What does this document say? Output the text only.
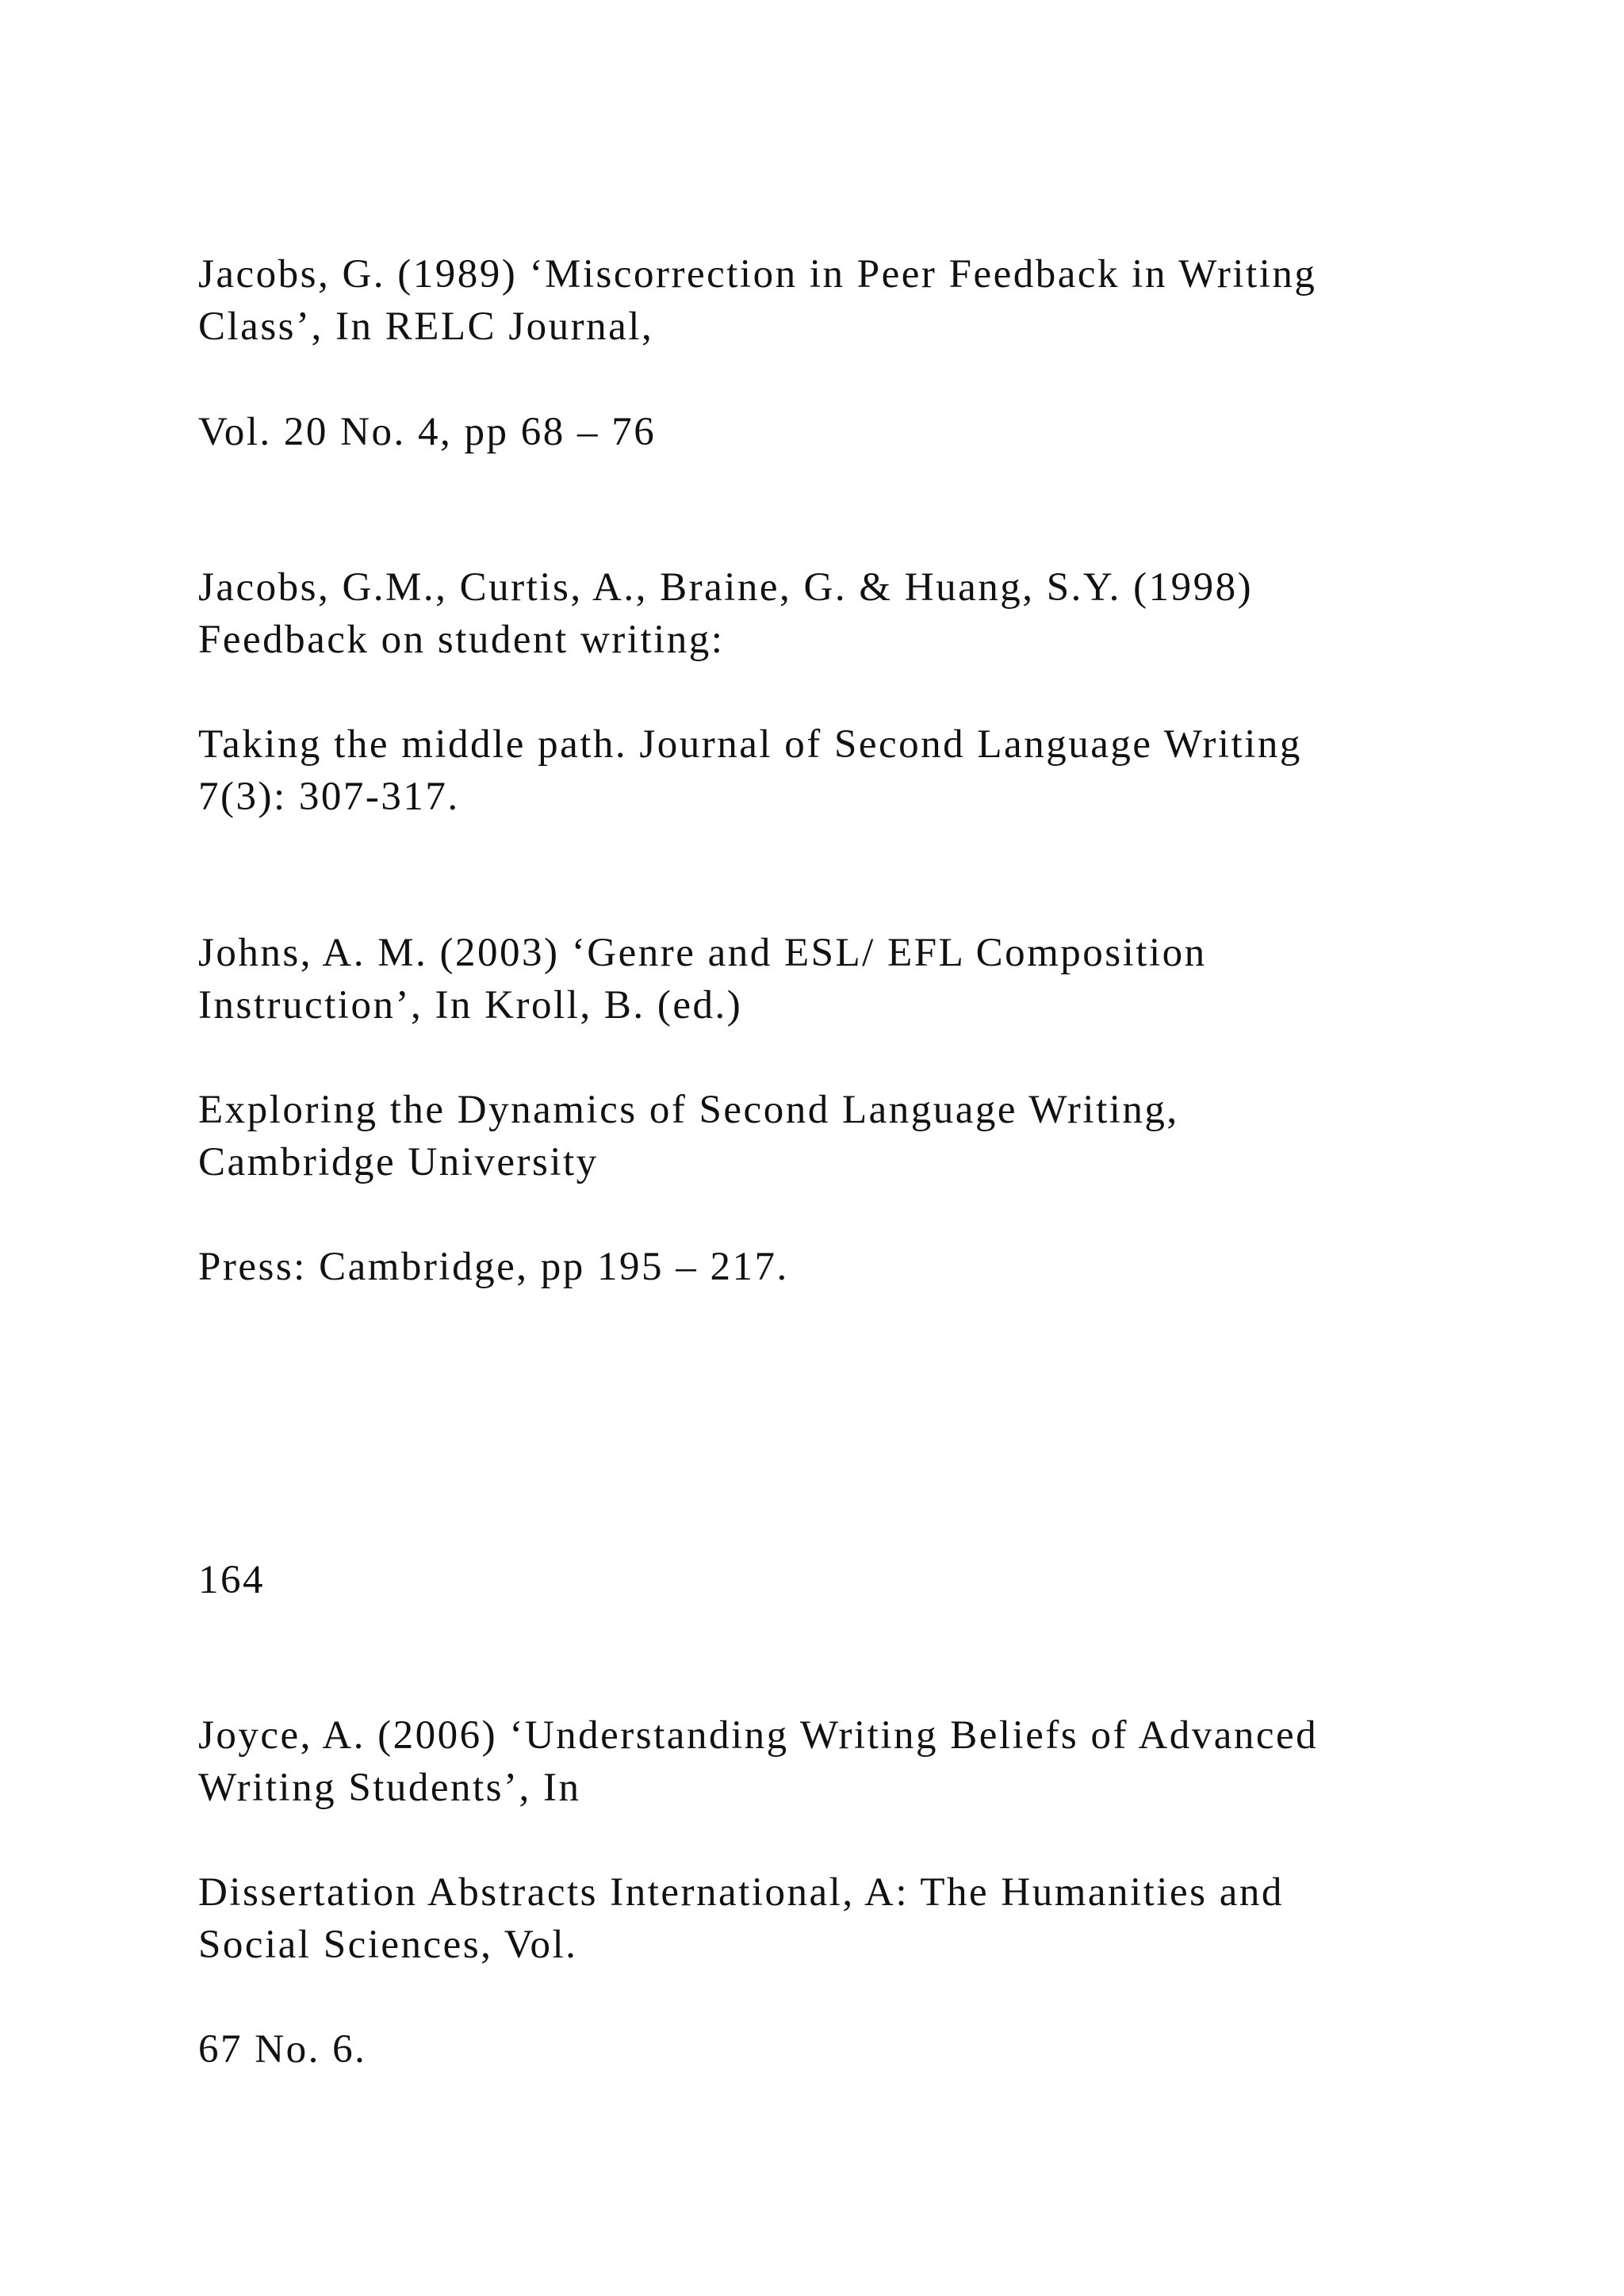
Jacobs, G. (1989) ‘Miscorrection in Peer Feedback in Writing

Class’, In RELC Journal,

Vol. 20 No. 4, pp 68 – 76

Jacobs, G.M., Curtis, A., Braine, G. & Huang, S.Y. (1998)

Feedback on student writing:

Taking the middle path. Journal of Second Language Writing

7(3): 307-317.

Johns, A. M. (2003) ‘Genre and ESL/ EFL Composition

Instruction’, In Kroll, B. (ed.)

Exploring the Dynamics of Second Language Writing,

Cambridge University

Press: Cambridge, pp 195 – 217.

164

Joyce, A. (2006) ‘Understanding Writing Beliefs of Advanced

Writing Students’, In

Dissertation Abstracts International, A: The Humanities and

Social Sciences, Vol.

67 No. 6.
